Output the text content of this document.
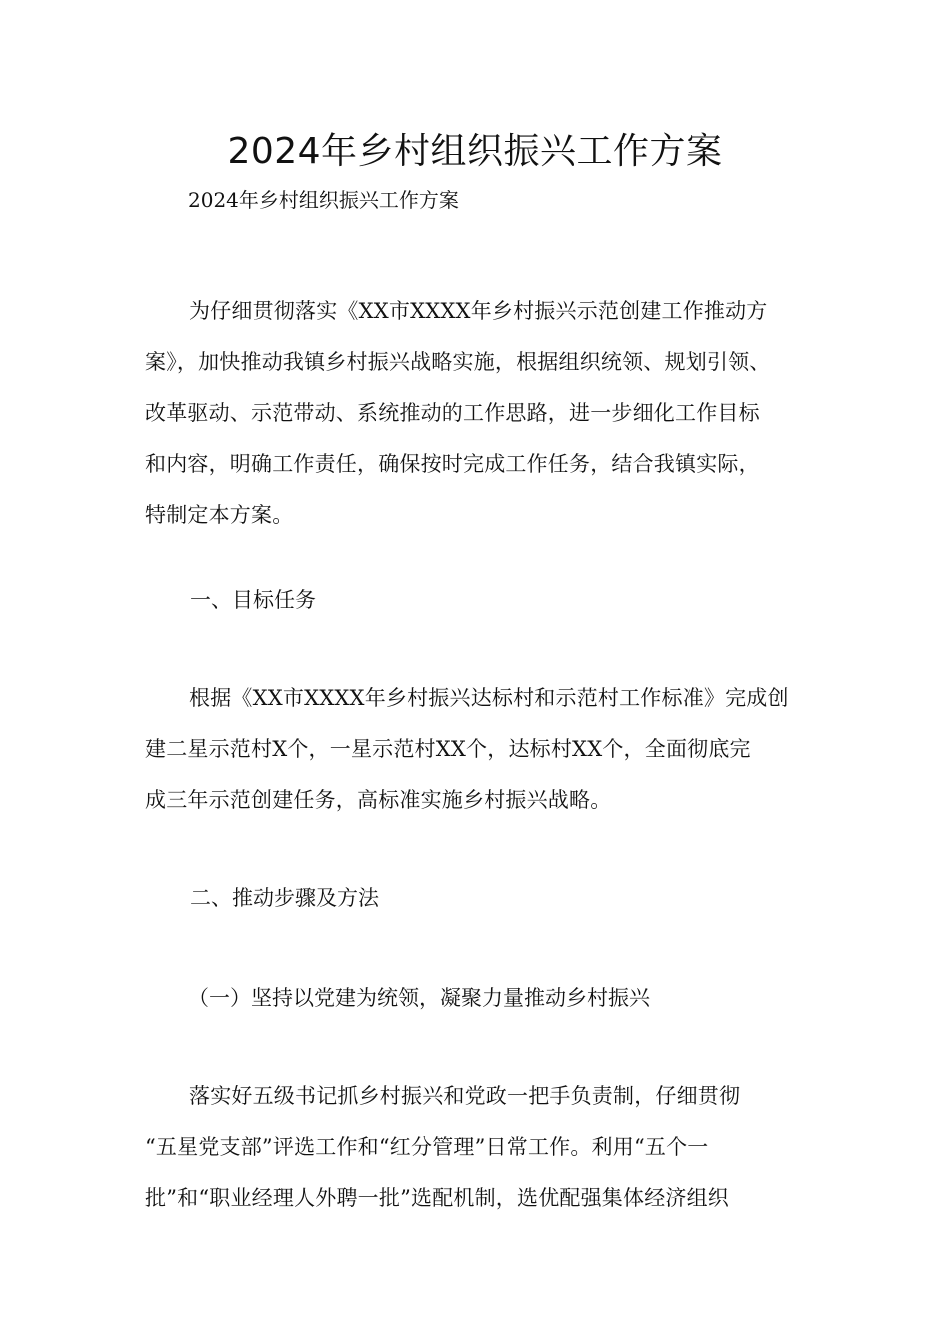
2024年乡村组织振兴工作方案
2024年乡村组织振兴工作方案
为仔细贯彻落实《XX市XXXX年乡村振兴示范创建工作推动方
案》，加快推动我镇乡村振兴战略实施，根据组织统领、规划引领、
改革驱动、示范带动、系统推动的工作思路，进一步细化工作目标
和内容，明确工作责任，确保按时完成工作任务，结合我镇实际，
特制定本方案。
一、目标任务
根据《XX市XXXX年乡村振兴达标村和示范村工作标准》完成创
建二星示范村X个，一星示范村XX个，达标村XX个，全面彻底完
成三年示范创建任务，高标准实施乡村振兴战略。
二、推动步骤及方法
（一）坚持以党建为统领，凝聚力量推动乡村振兴
落实好五级书记抓乡村振兴和党政一把手负责制，仔细贯彻
“五星党支部”评选工作和“红分管理”日常工作。利用“五个一
批”和“职业经理人外聘一批”选配机制，选优配强集体经济组织
